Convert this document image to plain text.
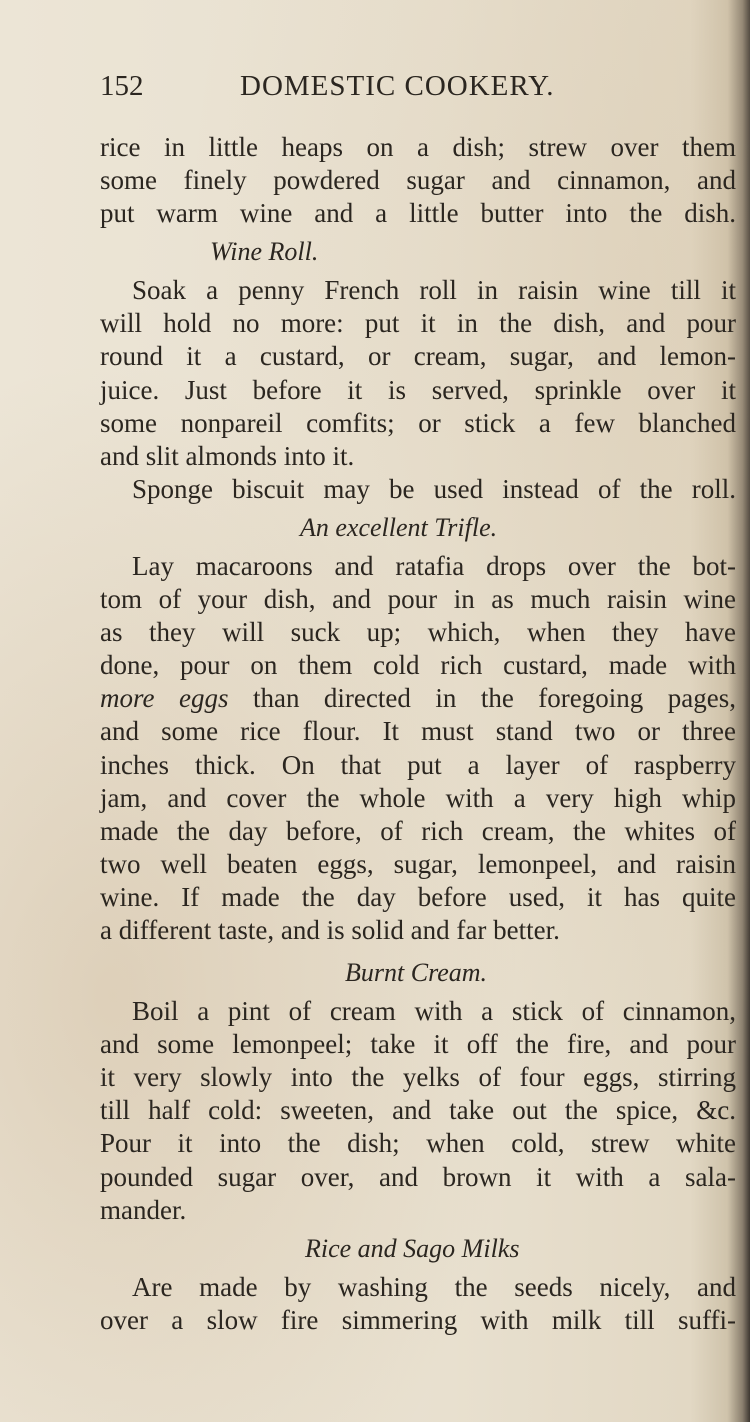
152	DOMESTIC COOKERY.
rice in little heaps on a dish; strew over them
some finely powdered sugar and cinnamon, and
put warm wine and a little butter into the dish.
Wine Roll.
Soak a penny French roll in raisin wine till it
will hold no more: put it in the dish, and pour
round it a custard, or cream, sugar, and lemon-
juice. Just before it is served, sprinkle over it
some nonpareil comfits; or stick a few blanched
and slit almonds into it.
Sponge biscuit may be used instead of the roll.
An excellent Trifle.
Lay macaroons and ratafia drops over the bot-
tom of your dish, and pour in as much raisin wine
as they will suck up; which, when they have
done, pour on them cold rich custard, made with
more eggs than directed in the foregoing pages,
and some rice flour. It must stand two or three
inches thick. On that put a layer of raspberry
jam, and cover the whole with a very high whip
made the day before, of rich cream, the whites of
two well beaten eggs, sugar, lemonpeel, and raisin
wine. If made the day before used, it has quite
a different taste, and is solid and far better.
Burnt Cream.
Boil a pint of cream with a stick of cinnamon,
and some lemonpeel; take it off the fire, and pour
it very slowly into the yelks of four eggs, stirring
till half cold: sweeten, and take out the spice, &c.
Pour it into the dish; when cold, strew white
pounded sugar over, and brown it with a sala-
mander.
Rice and Sago Milks
Are made by washing the seeds nicely, and
over a slow fire simmering with milk till suffi-
